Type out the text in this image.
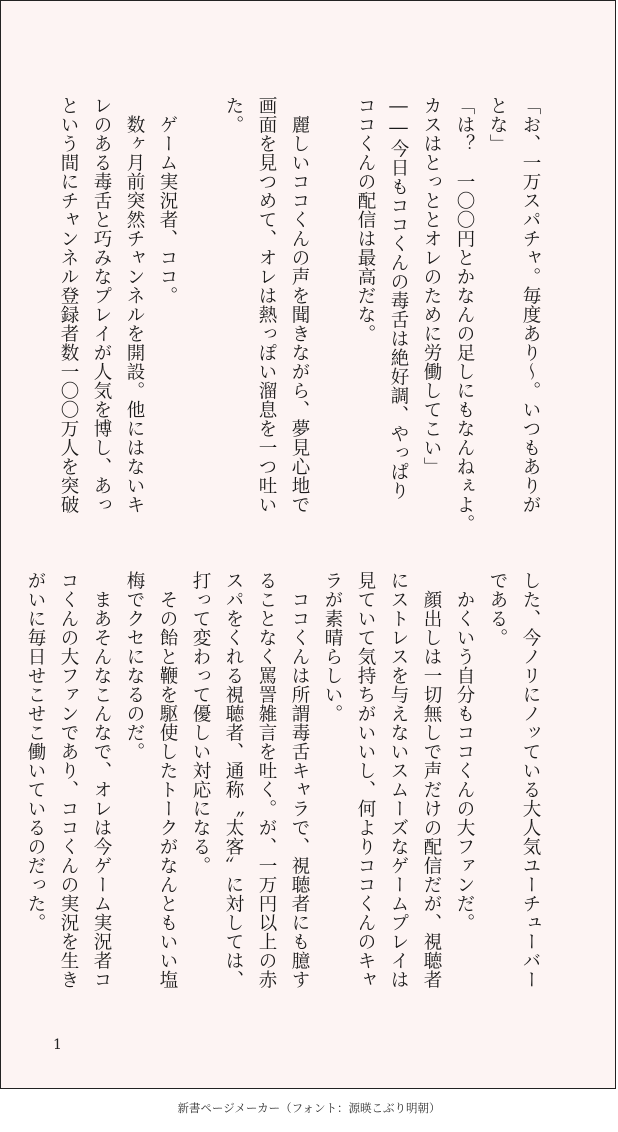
「お、一万スパチャ。毎度あり〜。いつもありが
とな」
「は？　一〇〇円とかなんの足しにもなんねぇよ。
カスはとっととオレのために労働してこい」
――今日もココくんの毒舌は絶好調、やっぱり
ココくんの配信は最高だな。
　麗しいココくんの声を聞きながら、夢見心地で
画面を見つめて、オレは熱っぽい溜息を一つ吐い
た。
　ゲーム実況者、ココ。
　数ヶ月前突然チャンネルを開設。他にはないキ
レのある毒舌と巧みなプレイが人気を博し、あっ
という間にチャンネル登録者数一〇〇万人を突破
した、今ノリにノッている大人気ユーチューバー
である。
　かくいう自分もココくんの大ファンだ。
　顔出しは一切無しで声だけの配信だが、視聴者
にストレスを与えないスムーズなゲームプレイは
見ていて気持ちがいいし、何よりココくんのキャ
ラが素晴らしい。
　ココくんは所謂毒舌キャラで、視聴者にも臆す
ることなく罵詈雑言を吐く。が、一万円以上の赤
スパをくれる視聴者、通称〝太客〟に対しては、
打って変わって優しい対応になる。
　その飴と鞭を駆使したトークがなんともいい塩
梅でクセになるのだ。
　まあそんなこんなで、オレは今ゲーム実況者コ
コくんの大ファンであり、ココくんの実況を生き
がいに毎日せこせこ働いているのだった。
1
新書ページメーカー（フォント：源暎こぶり明朝）
